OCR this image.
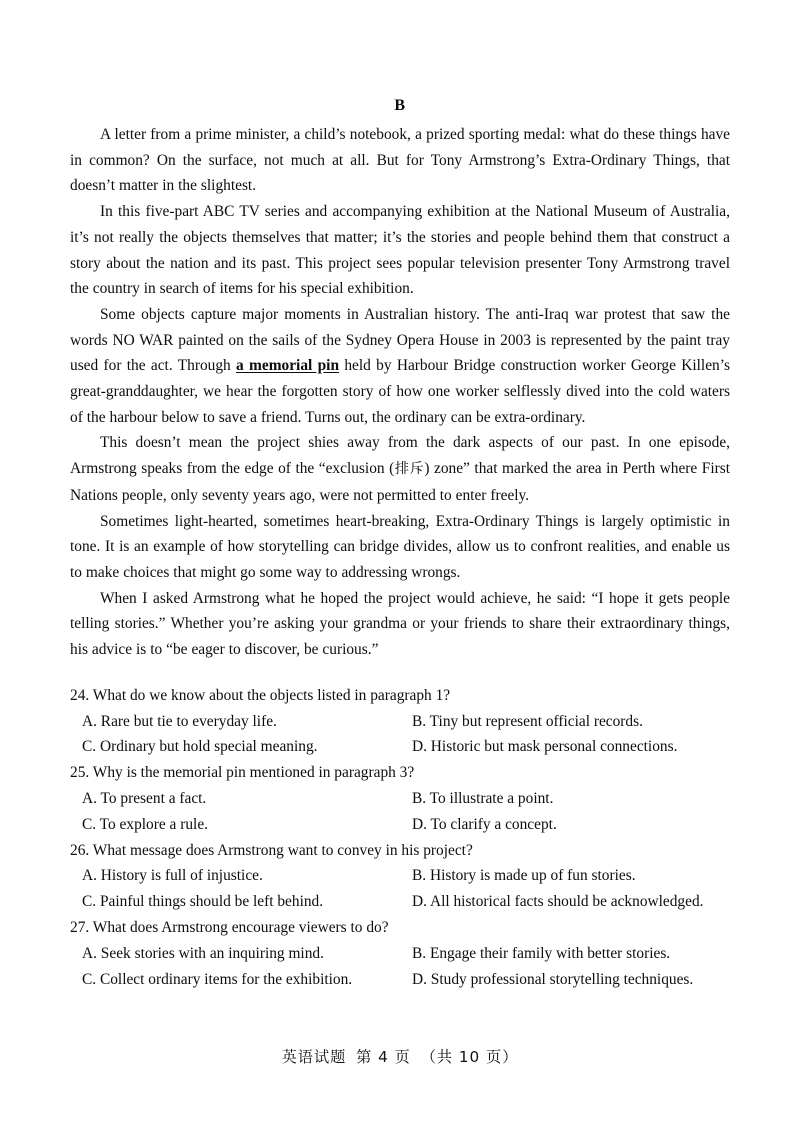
B

A letter from a prime minister, a child’s notebook, a prized sporting medal: what do these things have in common? On the surface, not much at all. But for Tony Armstrong’s Extra-Ordinary Things, that doesn’t matter in the slightest.

In this five-part ABC TV series and accompanying exhibition at the National Museum of Australia, it’s not really the objects themselves that matter; it’s the stories and people behind them that construct a story about the nation and its past. This project sees popular television presenter Tony Armstrong travel the country in search of items for his special exhibition.

Some objects capture major moments in Australian history. The anti-Iraq war protest that saw the words NO WAR painted on the sails of the Sydney Opera House in 2003 is represented by the paint tray used for the act. Through a memorial pin held by Harbour Bridge construction worker George Killen’s great-granddaughter, we hear the forgotten story of how one worker selflessly dived into the cold waters of the harbour below to save a friend. Turns out, the ordinary can be extra-ordinary.

This doesn’t mean the project shies away from the dark aspects of our past. In one episode, Armstrong speaks from the edge of the “exclusion (排斥) zone” that marked the area in Perth where First Nations people, only seventy years ago, were not permitted to enter freely.

Sometimes light-hearted, sometimes heart-breaking, Extra-Ordinary Things is largely optimistic in tone. It is an example of how storytelling can bridge divides, allow us to confront realities, and enable us to make choices that might go some way to addressing wrongs.

When I asked Armstrong what he hoped the project would achieve, he said: “I hope it gets people telling stories.” Whether you’re asking your grandma or your friends to share their extraordinary things, his advice is to “be eager to discover, be curious.”

24. What do we know about the objects listed in paragraph 1?
A. Rare but tie to everyday life.	B. Tiny but represent official records.
C. Ordinary but hold special meaning.	D. Historic but mask personal connections.
25. Why is the memorial pin mentioned in paragraph 3?
A. To present a fact.	B. To illustrate a point.
C. To explore a rule.	D. To clarify a concept.
26. What message does Armstrong want to convey in his project?
A. History is full of injustice.	B. History is made up of fun stories.
C. Painful things should be left behind.	D. All historical facts should be acknowledged.
27. What does Armstrong encourage viewers to do?
A. Seek stories with an inquiring mind.	B. Engage their family with better stories.
C. Collect ordinary items for the exhibition.	D. Study professional storytelling techniques.
英语试题 第 4 页 （共 10 页）
